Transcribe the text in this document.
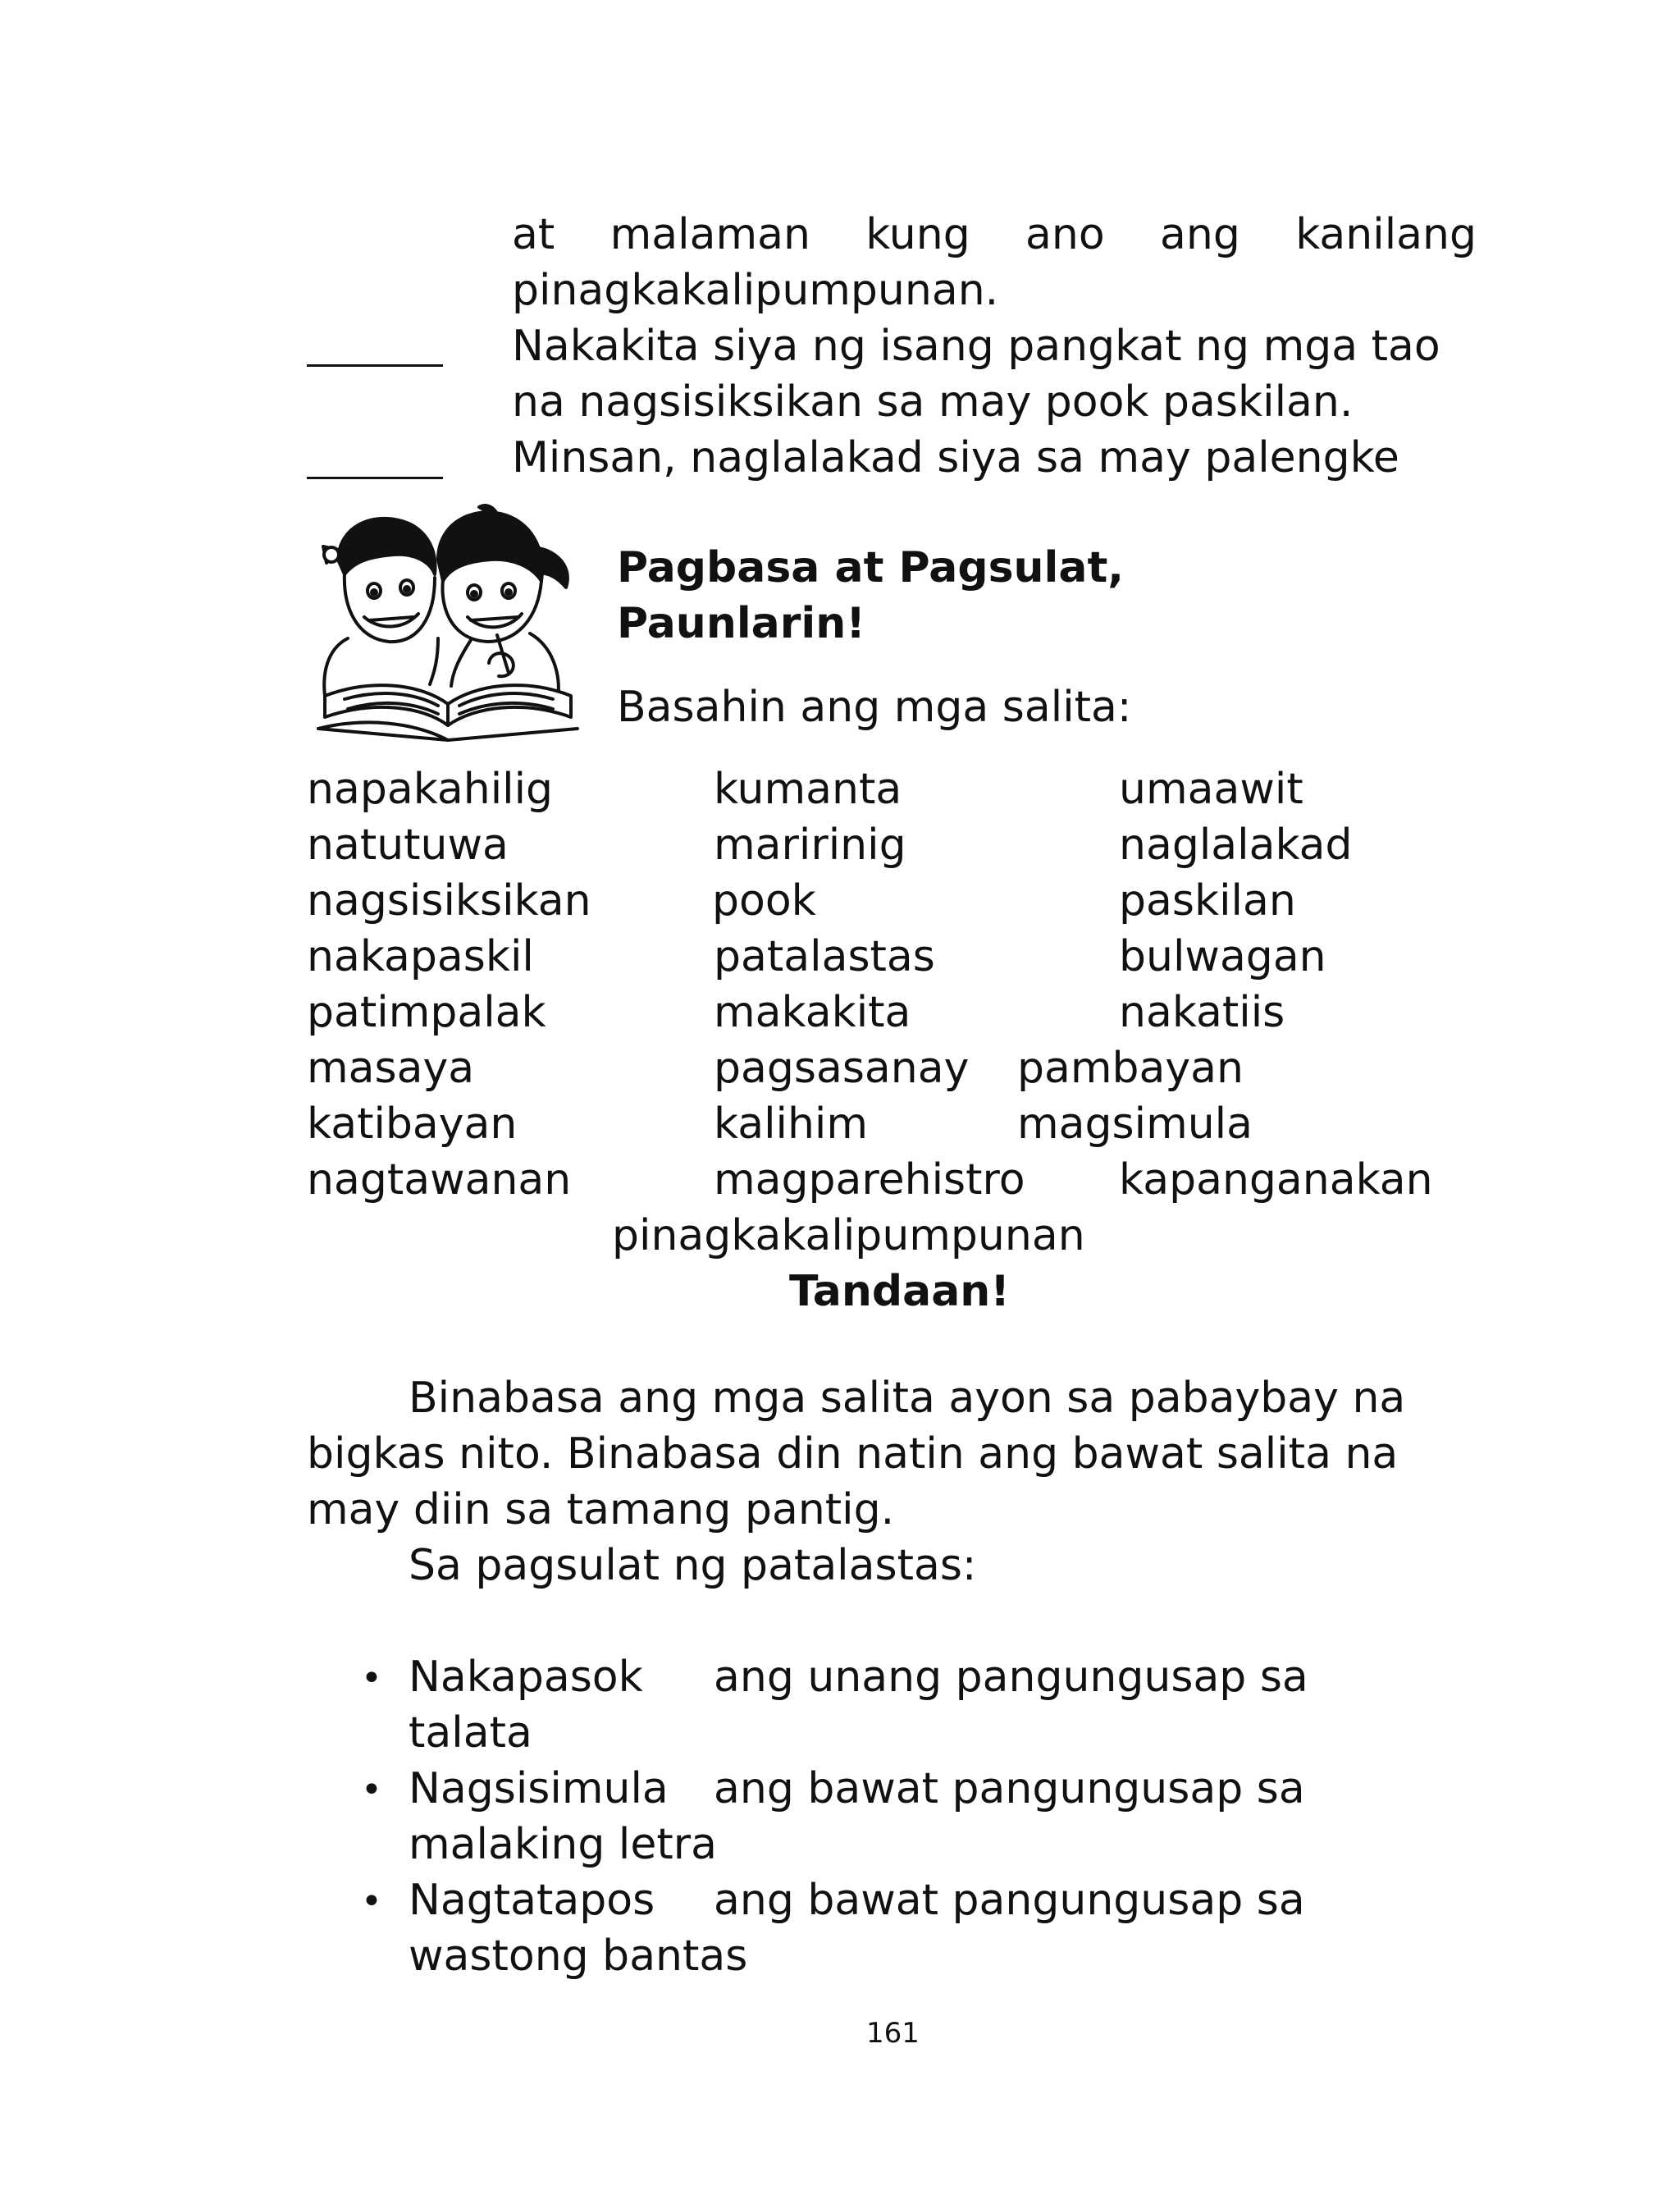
at malaman kung ano ang kanilang
pinagkakalipumpunan.
Nakakita siya ng isang pangkat ng mga tao
na nagsisiksikan sa may pook paskilan.
Minsan, naglalakad siya sa may palengke
Pagbasa at Pagsulat,
Paunlarin!
Basahin ang mga salita:
napakahilig
natutuwa
nagsisiksikan
nakapaskil
patimpalak
masaya
katibayan
nagtawanan
kumanta
maririnig
pook
patalastas
makakita
pagsasanay
kalihim
magparehistro
umaawit
naglalakad
paskilan
bulwagan
nakatiis
pambayan
magsimula
kapanganakan
pinagkakalipumpunan
Tandaan!
Binabasa ang mga salita ayon sa pabaybay na
bigkas nito. Binabasa din natin ang bawat salita na
may diin sa tamang pantig.
Sa pagsulat ng patalastas:
• Nakapasok ang unang pangungusap sa
talata
• Nagsisimula ang bawat pangungusap sa
malaking letra
• Nagtatapos ang bawat pangungusap sa
wastong bantas
161
